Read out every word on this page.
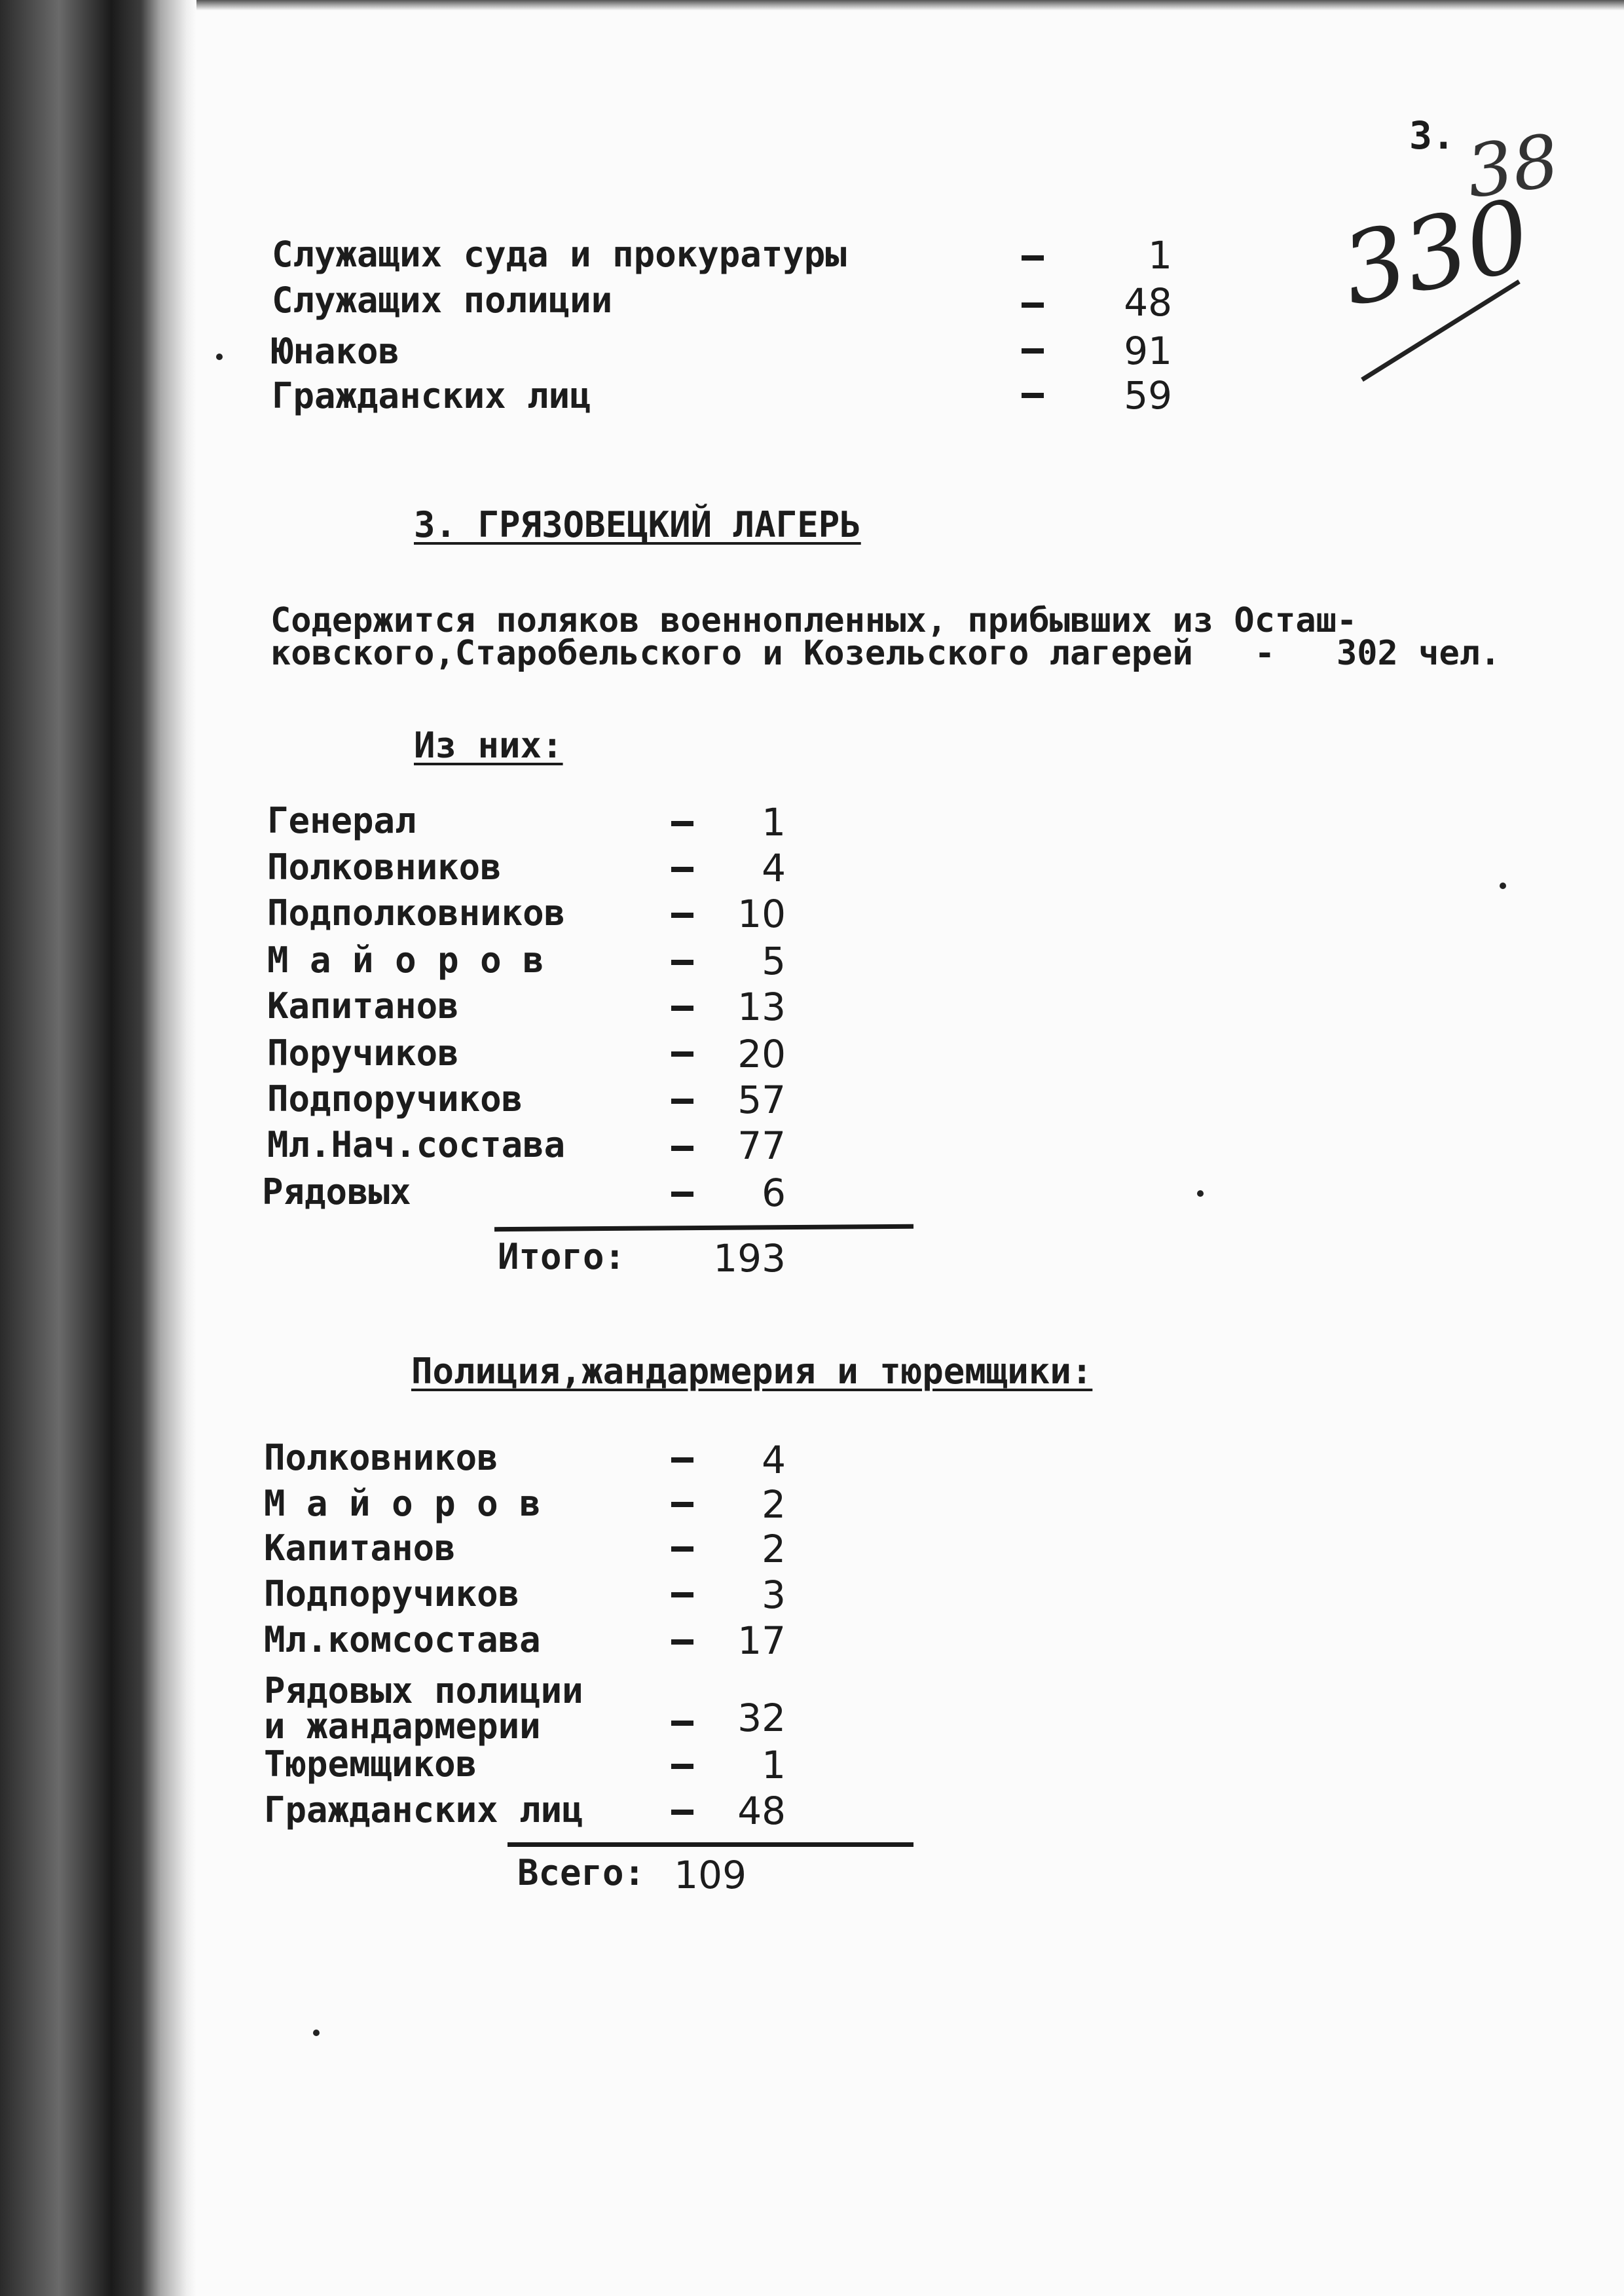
3. 38
330
Служащих суда и прокуратуры	1
Служащих полиции	48
Юнаков	91
Гражданских лиц	59
3. ГРЯЗОВЕЦКИЙ ЛАГЕРЬ
Содержится поляков военнопленных, прибывших из Осташ-
ковского,Старобельского и Козельского лагерей   -   302 чел.
Из них:
Генерал	1
Полковников	4
Подполковников	10
М а й о р о в	5
Капитанов	13
Поручиков	20
Подпоручиков	57
Мл.Нач.состава	77
Рядовых	6
Итого:	193
Полиция,жандармерия и тюремщики:
Полковников	4
М а й о р о в	2
Капитанов	2
Подпоручиков	3
Мл.комсостава	17
Рядовых полиции
и жандармерии	32
Тюремщиков	1
Гражданских лиц	48
Всего: 109
